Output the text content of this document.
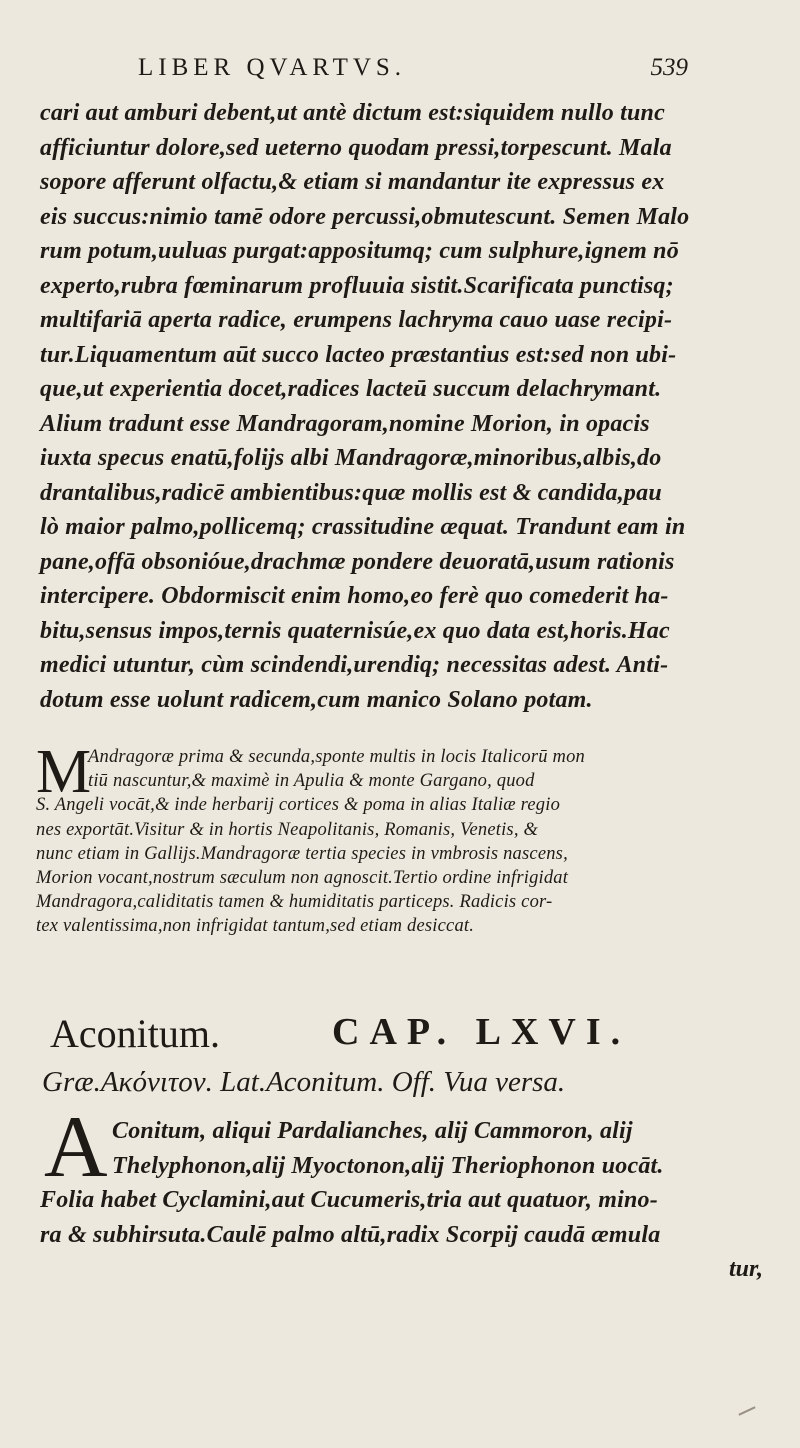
LIBER QVARTVS.	539
cari aut amburi debent,ut antè dictum est:siquidem nullo tunc
afficiuntur dolore,sed ueterno quodam pressi,torpescunt. Mala
sopore afferunt olfactu,& etiam si mandantur ite expressus ex
eis succus:nimio tamē odore percussi,obmutescunt. Semen Malo
rum potum,uuluas purgat:appositumq; cum sulphure,ignem nō
experto,rubra fœminarum profluuia sistit.Scarificata punctisq;
multifariā aperta radice, erumpens lachryma cauo uase recipi-
tur.Liquamentum aūt succo lacteo præstantius est:sed non ubi-
que,ut experientia docet,radices lacteū succum delachrymant.
Alium tradunt esse Mandragoram,nomine Morion, in opacis
iuxta specus enatū,folijs albi Mandragoræ,minoribus,albis,do
drantalibus,radicē ambientibus:quæ mollis est & candida,pau
lò maior palmo,pollicemq; crassitudine æquat. Trandunt eam in
pane,offā obsonióue,drachmæ pondere deuoratā,usum rationis
intercipere. Obdormiscit enim homo,eo ferè quo comederit ha-
bitu,sensus impos,ternis quaternisúe,ex quo data est,horis.Hac
medici utuntur, cùm scindendi,urendiq; necessitas adest. Anti-
dotum esse uolunt radicem,cum manico Solano potam.
M
Andragoræ prima & secunda,sponte multis in locis Italicorū mon
tiū nascuntur,& maximè in Apulia & monte Gargano, quod
S. Angeli vocāt,& inde herbarij cortices & poma in alias Italiæ regio
nes exportāt.Visitur & in hortis Neapolitanis, Romanis, Venetis, &
nunc etiam in Gallijs.Mandragoræ tertia species in vmbrosis nascens,
Morion vocant,nostrum sæculum non agnoscit.Tertio ordine infrigidat
Mandragora,caliditatis tamen & humiditatis particeps. Radicis cor-
tex valentissima,non infrigidat tantum,sed etiam desiccat.
Aconitum.	CAP. LXVI.
Græ.Ακόνιτον. Lat.Aconitum. Off. Vua versa.
A Conitum, aliqui Pardalianches, alij Cammoron, alij
Thelyphonon,alij Myoctonon,alij Theriophonon uocāt.
Folia habet Cyclamini,aut Cucumeris,tria aut quatuor, mino-
ra & subhirsuta.Caulē palmo altū,radix Scorpij caudā æmula
tur,
